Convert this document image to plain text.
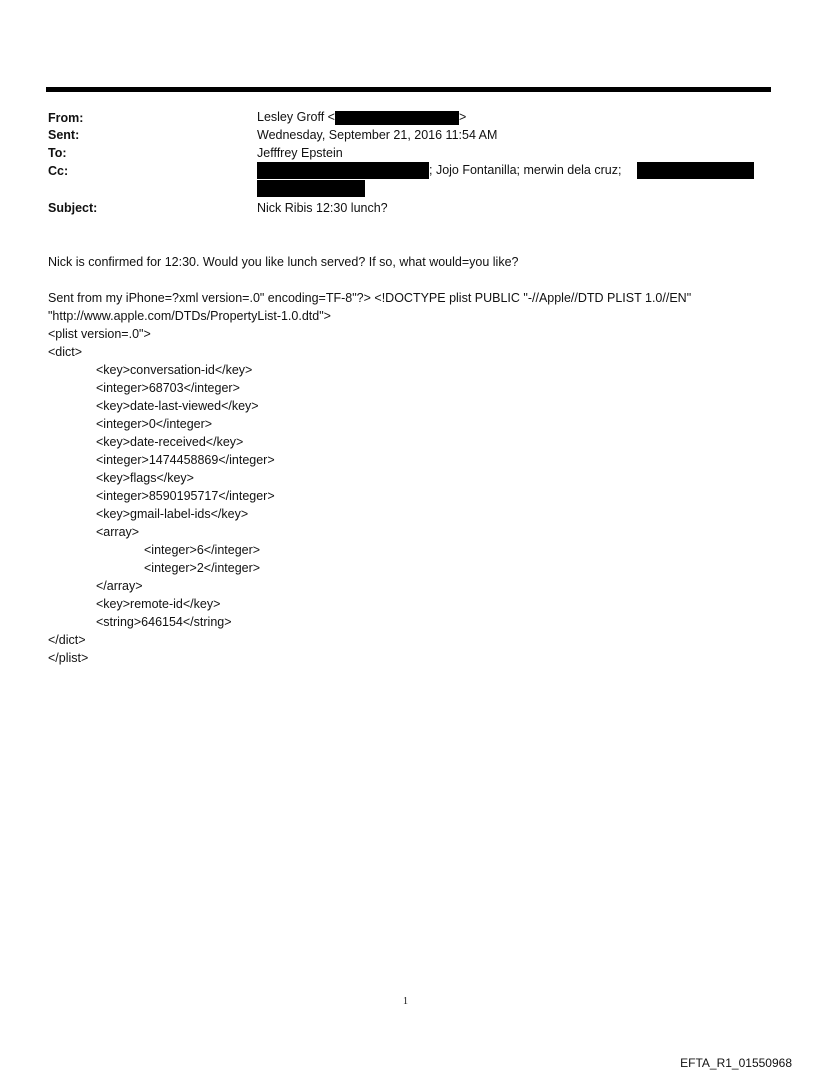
From:	Lesley Groff <	>
Sent:	Wednesday, September 21, 2016 11:54 AM
To:	Jefffrey Epstein
Cc:	; Jojo Fontanilla; merwin dela cruz;
Subject:	Nick Ribis 12:30 lunch?
Nick is confirmed for 12:30. Would you like lunch served? If so, what would=you like?
Sent from my iPhone=?xml version=.0" encoding=TF-8"?> <!DOCTYPE plist PUBLIC "-//Apple//DTD PLIST 1.0//EN"
"http://www.apple.com/DTDs/PropertyList-1.0.dtd">
<plist version=.0">
<dict>
<key>conversation-id</key>
<integer>68703</integer>
<key>date-last-viewed</key>
<integer>0</integer>
<key>date-received</key>
<integer>1474458869</integer>
<key>flags</key>
<integer>8590195717</integer>
<key>gmail-label-ids</key>
<array>
<integer>6</integer>
<integer>2</integer>
</array>
<key>remote-id</key>
<string>646154</string>
</dict>
</plist>
1
EFTA_R1_01550968
